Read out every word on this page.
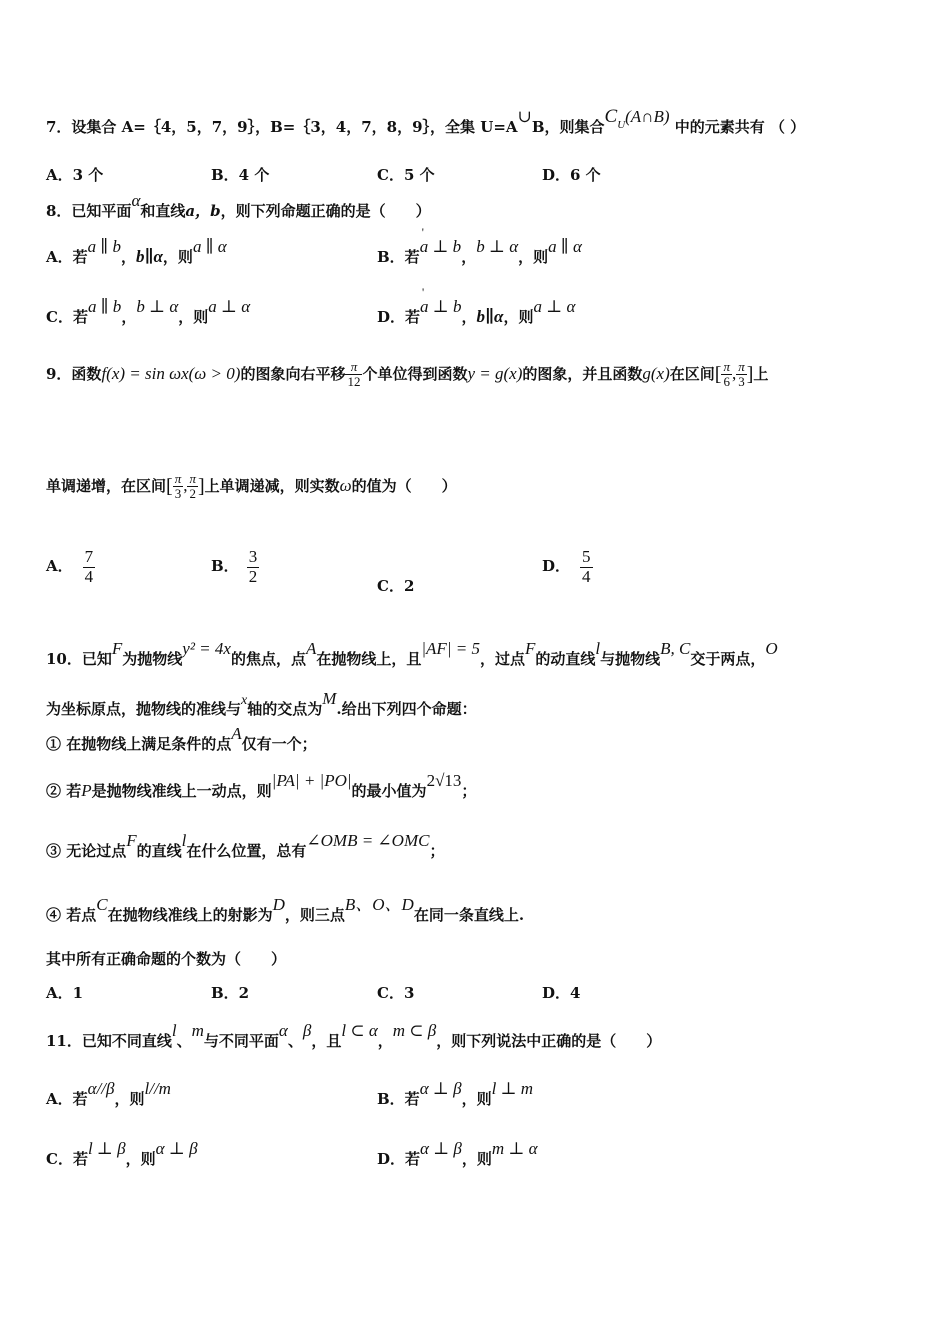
7．设集合 A=｛4，5，7，9｝，B=｛3，4，7，8，9｝，全集 U=A∪B，则集合$C^U(A\cap B)$ 中的元素共有 （ ）
A．3 个	B．4 个	C．5 个	D．6 个
8．已知平面α和直线a，b，则下列命题正确的是（　　）
A．若a ∥ b，b∥α，则a ∥ α
B．若' a ⊥ b，b ⊥ α，则a ∥ α
C．若a ∥ b，b ⊥ α，则a ⊥ α
D．若' a ⊥ b，b∥α，则a ⊥ α
9．函数f(x) = sin ωx(ω > 0)的图象向右平移 $\frac{\pi}{12}$ 个单位得到函数y = g(x)的图象，并且函数g(x)在区间[ $\frac{\pi}{6}$ , $\frac{\pi}{3}$ ]上
单调递增，在区间[ $\frac{\pi}{3}$ , $\frac{\pi}{2}$ ]上单调递减，则实数ω的值为（　　）
A． $\frac{7}{4}$	B． $\frac{3}{2}$	C．2
D． $\frac{5}{4}$
10．已知F为抛物线y² = 4x的焦点，点A在抛物线上，且|AF| = 5，过点F的动直线l与抛物线B, C交于两点，O
为坐标原点，抛物线的准线与x轴的交点为M.给出下列四个命题：
① 在抛物线上满足条件的点A仅有一个；
② 若P是抛物线准线上一动点，则|PA| + |PO|的最小值为2√13；
③ 无论过点F的直线l在什么位置，总有∠OMB = ∠OMC；
④ 若点C在抛物线准线上的射影为D，则三点B、O、D在同一条直线上.
其中所有正确命题的个数为（　　）
A．1	B．2	C．3	D．4
11．已知不同直线l、m与不同平面α、β，且l ⊂ α，m ⊂ β，则下列说法中正确的是（　　）
A．若α//β，则l//m
B．若α ⊥ β，则l ⊥ m
C．若l ⊥ β，则α ⊥ β
D．若α ⊥ β，则m ⊥ α
